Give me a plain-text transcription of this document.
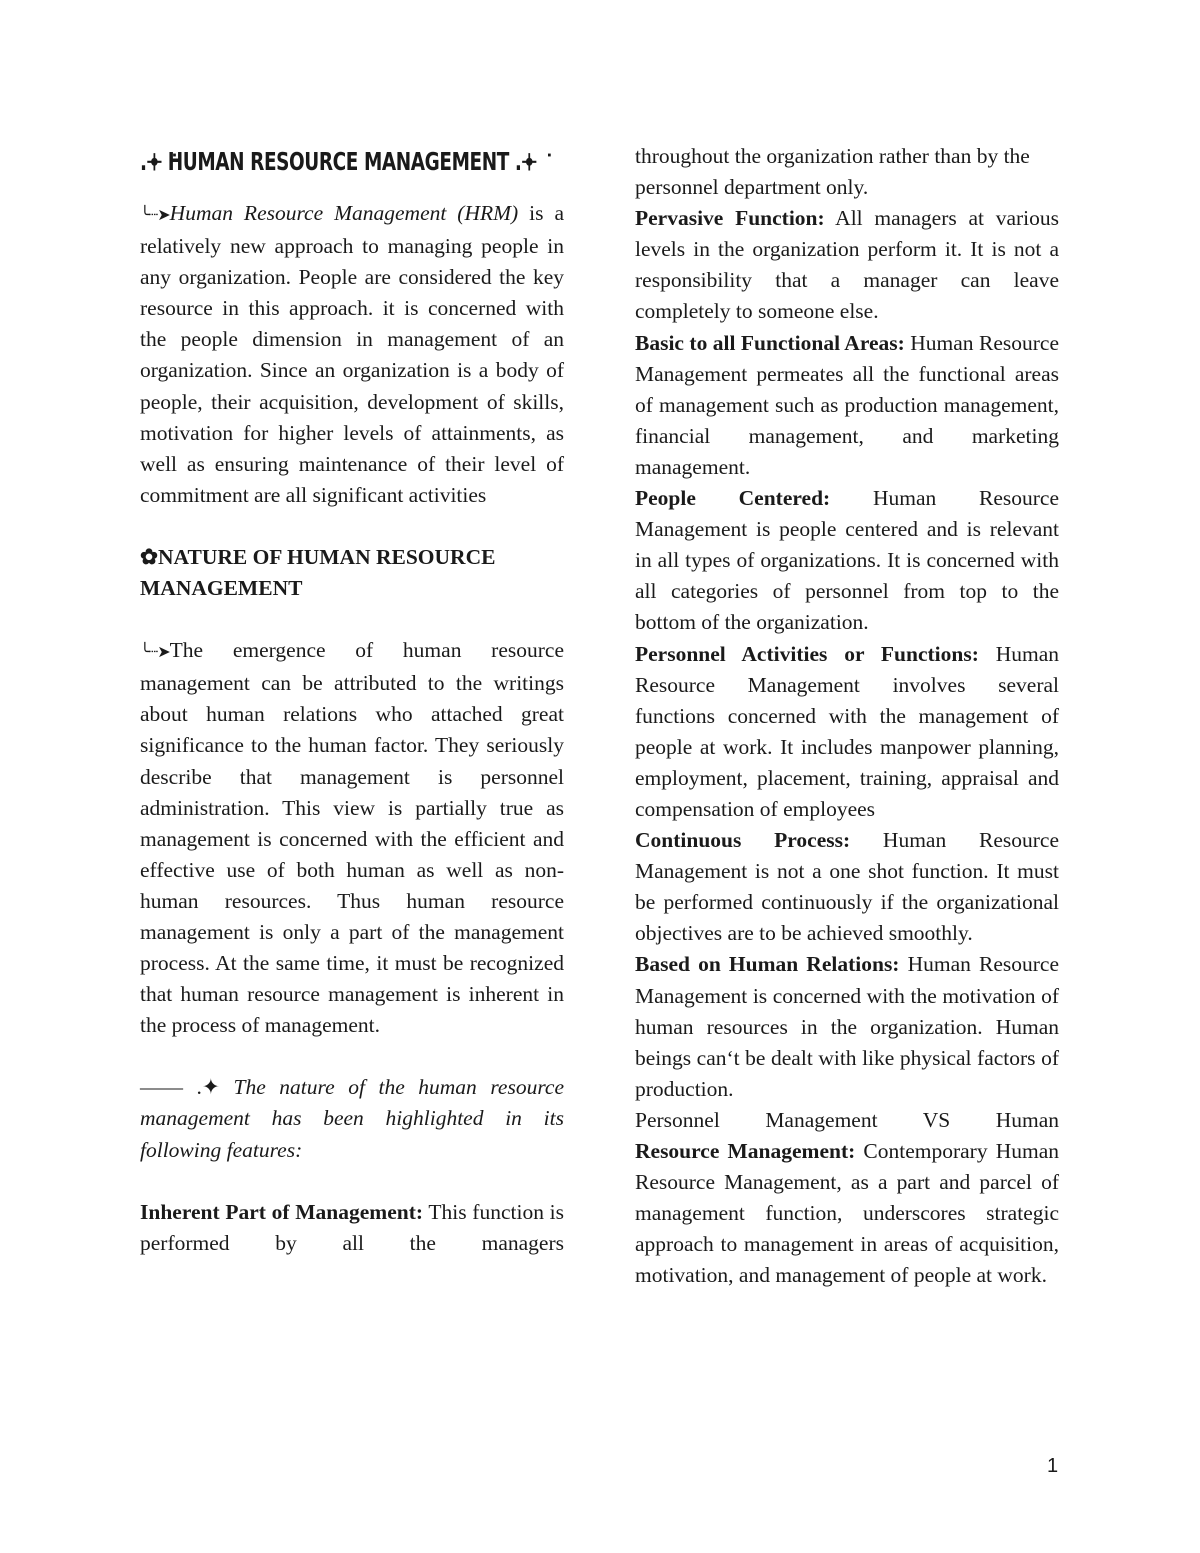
.𖥔 ݁HUMAN RESOURCE MANAGEMENT .𖥔 ݁

╰┈➤Human Resource Management (HRM) is a relatively new approach to managing people in any organization. People are considered the key resource in this approach. it is concerned with the people dimension in management of an organization. Since an organization is a body of people, their acquisition, development of skills, motivation for higher levels of attainments, as well as ensuring maintenance of their level of commitment are all significant activities

✿NATURE OF HUMAN RESOURCE MANAGEMENT

╰┈➤The emergence of human resource management can be attributed to the writings about human relations who attached great significance to the human factor. They seriously describe that management is personnel administration. This view is partially true as management is concerned with the efficient and effective use of both human as well as non-human resources. Thus human resource management is only a part of the management process. At the same time, it must be recognized that human resource management is inherent in the process of management.

—— .✦ The nature of the human resource management has been highlighted in its following features:

Inherent Part of Management: This function is performed by all the managers

throughout the organization rather than by the personnel department only.

Pervasive Function: All managers at various levels in the organization perform it. It is not a responsibility that a manager can leave completely to someone else.

Basic to all Functional Areas: Human Resource Management permeates all the functional areas of management such as production management, financial management, and marketing management.

People Centered: Human Resource Management is people centered and is relevant in all types of organizations. It is concerned with all categories of personnel from top to the bottom of the organization.

Personnel Activities or Functions: Human Resource Management involves several functions concerned with the management of people at work. It includes manpower planning, employment, placement, training, appraisal and compensation of employees

Continuous Process: Human Resource Management is not a one shot function. It must be performed continuously if the organizational objectives are to be achieved smoothly.

Based on Human Relations: Human Resource Management is concerned with the motivation of human resources in the organization. Human beings can‘t be dealt with like physical factors of production.

Personnel Management VS Human

Resource Management: Contemporary Human Resource Management, as a part and parcel of management function, underscores strategic approach to management in areas of acquisition, motivation, and management of people at work.

1
